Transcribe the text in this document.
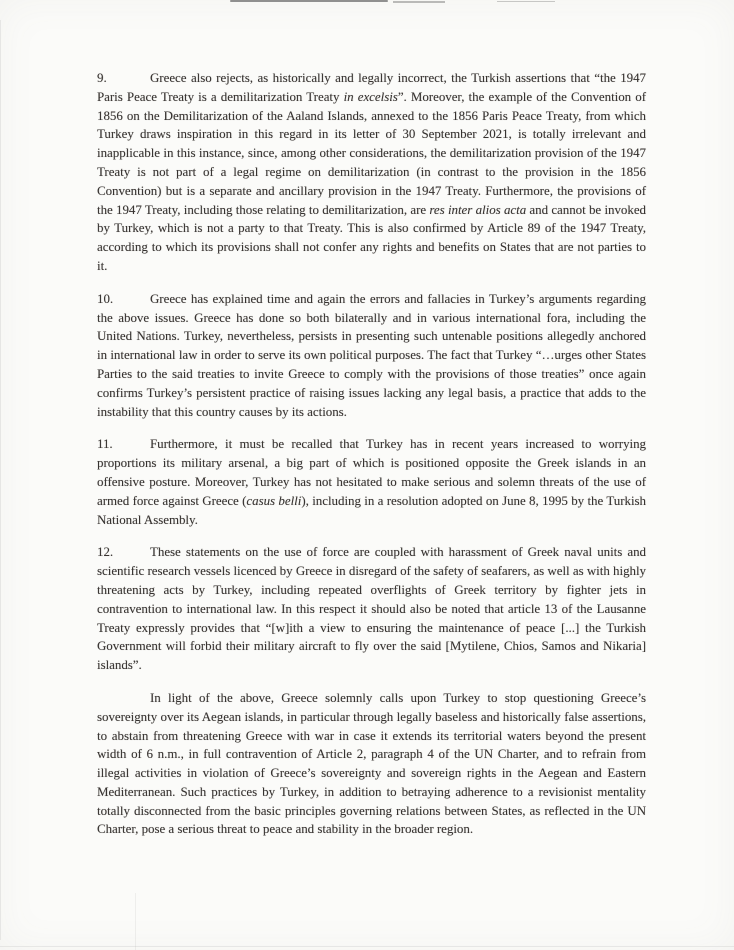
9.	Greece also rejects, as historically and legally incorrect, the Turkish assertions that “the 1947 Paris Peace Treaty is a demilitarization Treaty in excelsis”. Moreover, the example of the Convention of 1856 on the Demilitarization of the Aaland Islands, annexed to the 1856 Paris Peace Treaty, from which Turkey draws inspiration in this regard in its letter of 30 September 2021, is totally irrelevant and inapplicable in this instance, since, among other considerations, the demilitarization provision of the 1947 Treaty is not part of a legal regime on demilitarization (in contrast to the provision in the 1856 Convention) but is a separate and ancillary provision in the 1947 Treaty. Furthermore, the provisions of the 1947 Treaty, including those relating to demilitarization, are res inter alios acta and cannot be invoked by Turkey, which is not a party to that Treaty. This is also confirmed by Article 89 of the 1947 Treaty, according to which its provisions shall not confer any rights and benefits on States that are not parties to it.

10.	Greece has explained time and again the errors and fallacies in Turkey’s arguments regarding the above issues. Greece has done so both bilaterally and in various international fora, including the United Nations. Turkey, nevertheless, persists in presenting such untenable positions allegedly anchored in international law in order to serve its own political purposes. The fact that Turkey “…urges other States Parties to the said treaties to invite Greece to comply with the provisions of those treaties” once again confirms Turkey’s persistent practice of raising issues lacking any legal basis, a practice that adds to the instability that this country causes by its actions.

11.	Furthermore, it must be recalled that Turkey has in recent years increased to worrying proportions its military arsenal, a big part of which is positioned opposite the Greek islands in an offensive posture. Moreover, Turkey has not hesitated to make serious and solemn threats of the use of armed force against Greece (casus belli), including in a resolution adopted on June 8, 1995 by the Turkish National Assembly.

12.	These statements on the use of force are coupled with harassment of Greek naval units and scientific research vessels licenced by Greece in disregard of the safety of seafarers, as well as with highly threatening acts by Turkey, including repeated overflights of Greek territory by fighter jets in contravention to international law. In this respect it should also be noted that article 13 of the Lausanne Treaty expressly provides that “[w]ith a view to ensuring the maintenance of peace [...] the Turkish Government will forbid their military aircraft to fly over the said [Mytilene, Chios, Samos and Nikaria] islands”.

In light of the above, Greece solemnly calls upon Turkey to stop questioning Greece’s sovereignty over its Aegean islands, in particular through legally baseless and historically false assertions, to abstain from threatening Greece with war in case it extends its territorial waters beyond the present width of 6 n.m., in full contravention of Article 2, paragraph 4 of the UN Charter, and to refrain from illegal activities in violation of Greece’s sovereignty and sovereign rights in the Aegean and Eastern Mediterranean. Such practices by Turkey, in addition to betraying adherence to a revisionist mentality totally disconnected from the basic principles governing relations between States, as reflected in the UN Charter, pose a serious threat to peace and stability in the broader region.
